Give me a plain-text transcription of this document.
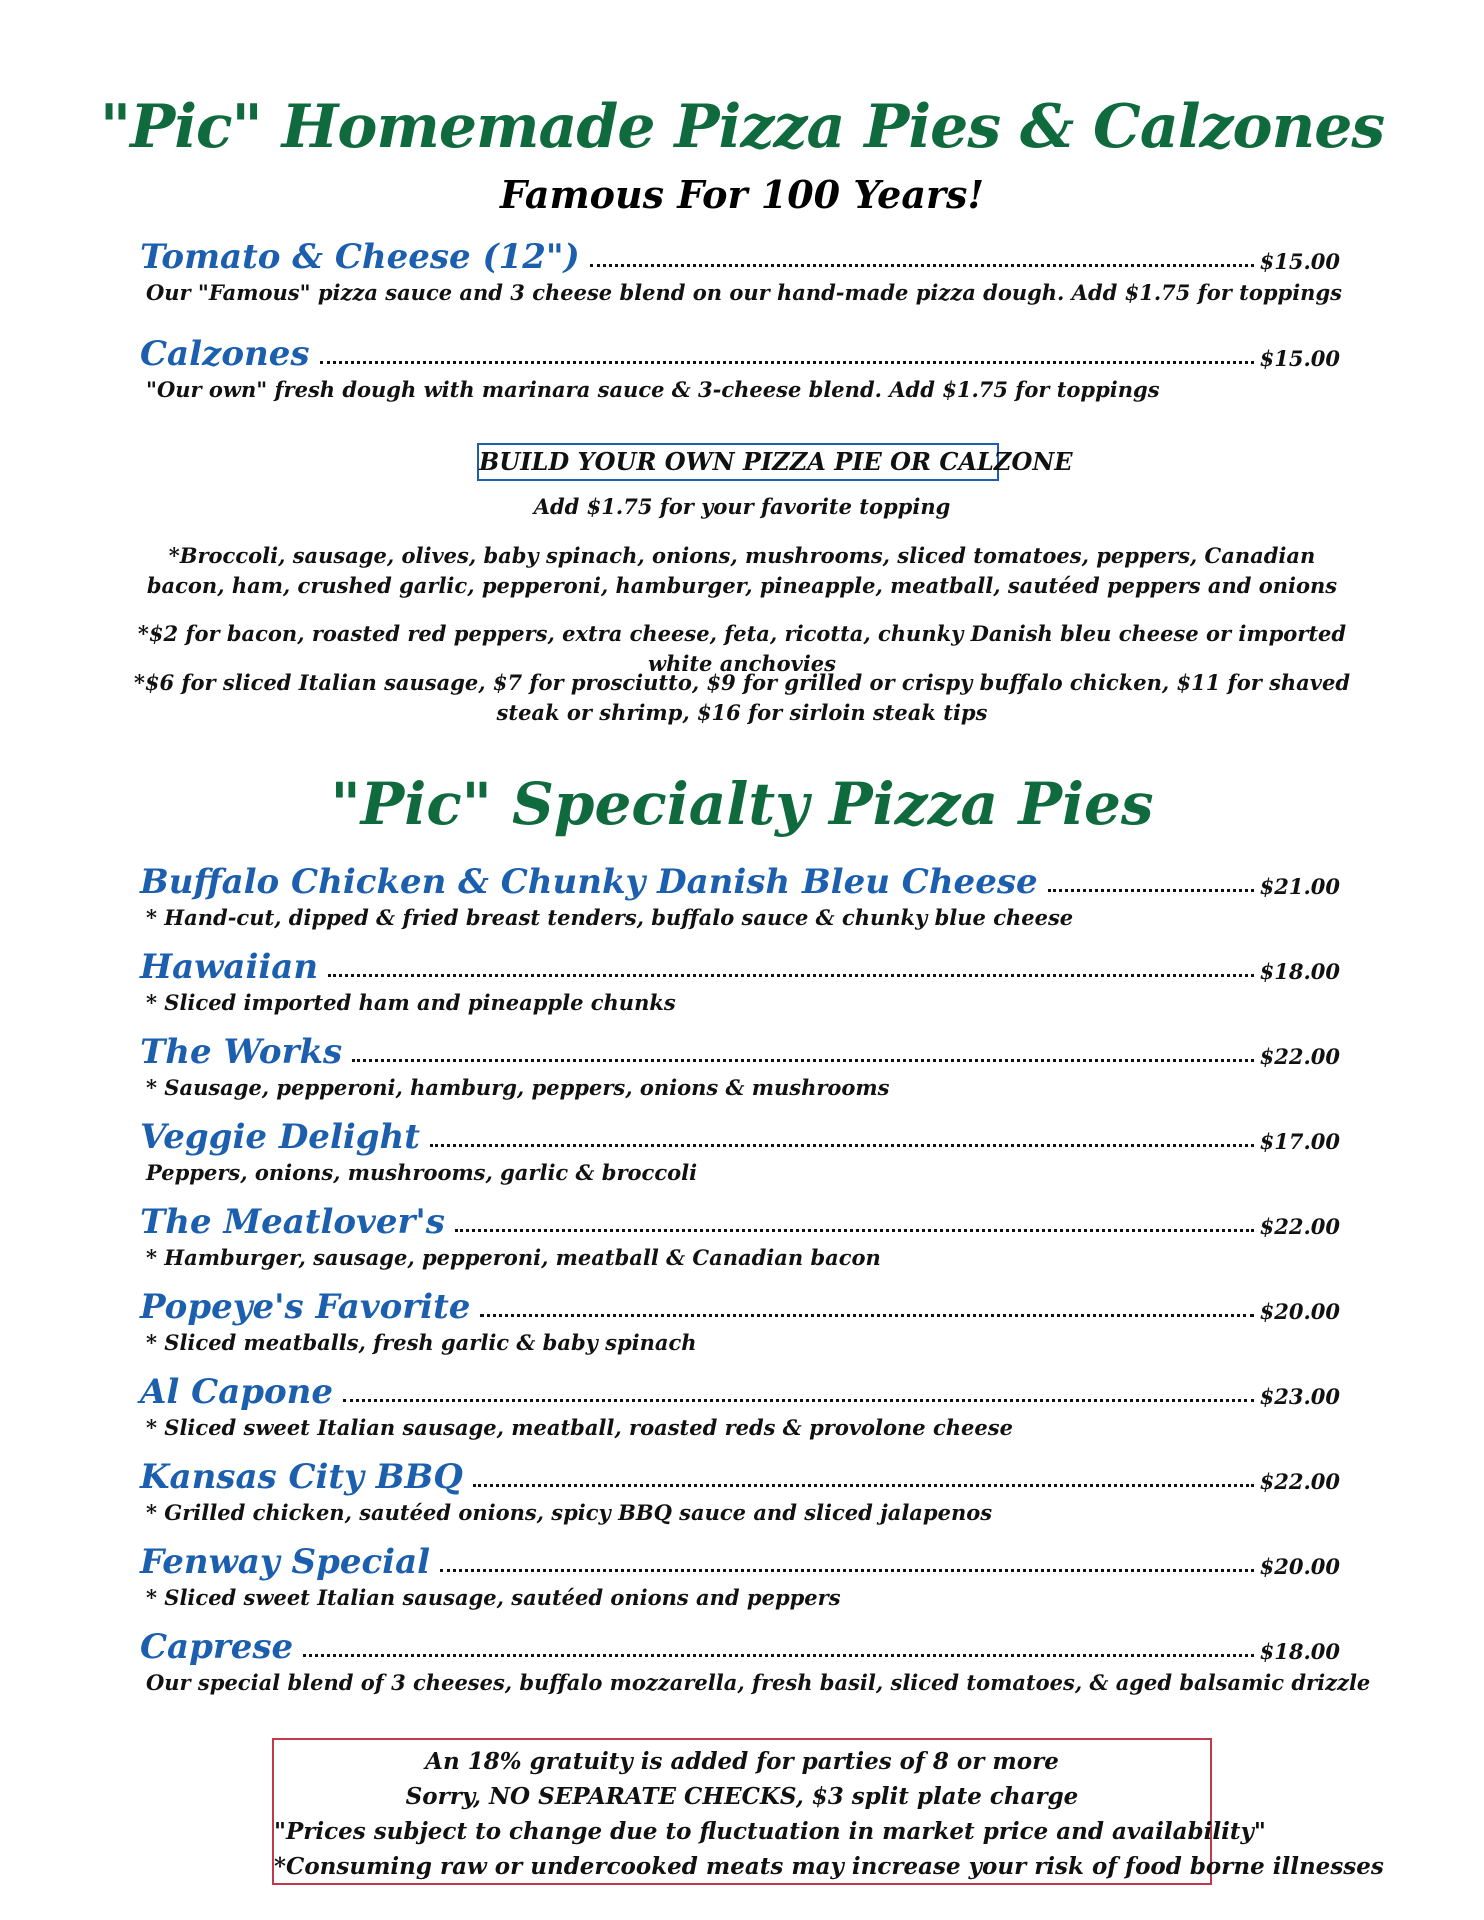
"Pic" Homemade Pizza Pies & Calzones
Famous For 100 Years!
Tomato & Cheese (12")	$15.00
Our "Famous" pizza sauce and 3 cheese blend on our hand-made pizza dough. Add $1.75 for toppings
Calzones	$15.00
"Our own" fresh dough with marinara sauce & 3-cheese blend. Add $1.75 for toppings
BUILD YOUR OWN PIZZA PIE OR CALZONE
Add $1.75 for your favorite topping
*Broccoli, sausage, olives, baby spinach, onions, mushrooms, sliced tomatoes, peppers, Canadian bacon, ham, crushed garlic, pepperoni, hamburger, pineapple, meatball, sautéed peppers and onions
*$2 for bacon, roasted red peppers, extra cheese, feta, ricotta, chunky Danish bleu cheese or imported white anchovies
*$6 for sliced Italian sausage, $7 for prosciutto, $9 for grilled or crispy buffalo chicken, $11 for shaved steak or shrimp, $16 for sirloin steak tips
"Pic" Specialty Pizza Pies
Buffalo Chicken & Chunky Danish Bleu Cheese	$21.00
* Hand-cut, dipped & fried breast tenders, buffalo sauce & chunky blue cheese
Hawaiian	$18.00
* Sliced imported ham and pineapple chunks
The Works	$22.00
* Sausage, pepperoni, hamburg, peppers, onions & mushrooms
Veggie Delight	$17.00
Peppers, onions, mushrooms, garlic & broccoli
The Meatlover's	$22.00
* Hamburger, sausage, pepperoni, meatball & Canadian bacon
Popeye's Favorite	$20.00
* Sliced meatballs, fresh garlic & baby spinach
Al Capone	$23.00
* Sliced sweet Italian sausage, meatball, roasted reds & provolone cheese
Kansas City BBQ	$22.00
* Grilled chicken, sautéed onions, spicy BBQ sauce and sliced jalapenos
Fenway Special	$20.00
* Sliced sweet Italian sausage, sautéed onions and peppers
Caprese	$18.00
Our special blend of 3 cheeses, buffalo mozzarella, fresh basil, sliced tomatoes, & aged balsamic drizzle
An 18% gratuity is added for parties of 8 or more
Sorry, NO SEPARATE CHECKS, $3 split plate charge
"Prices subject to change due to fluctuation in market price and availability"
*Consuming raw or undercooked meats may increase your risk of food borne illnesses
